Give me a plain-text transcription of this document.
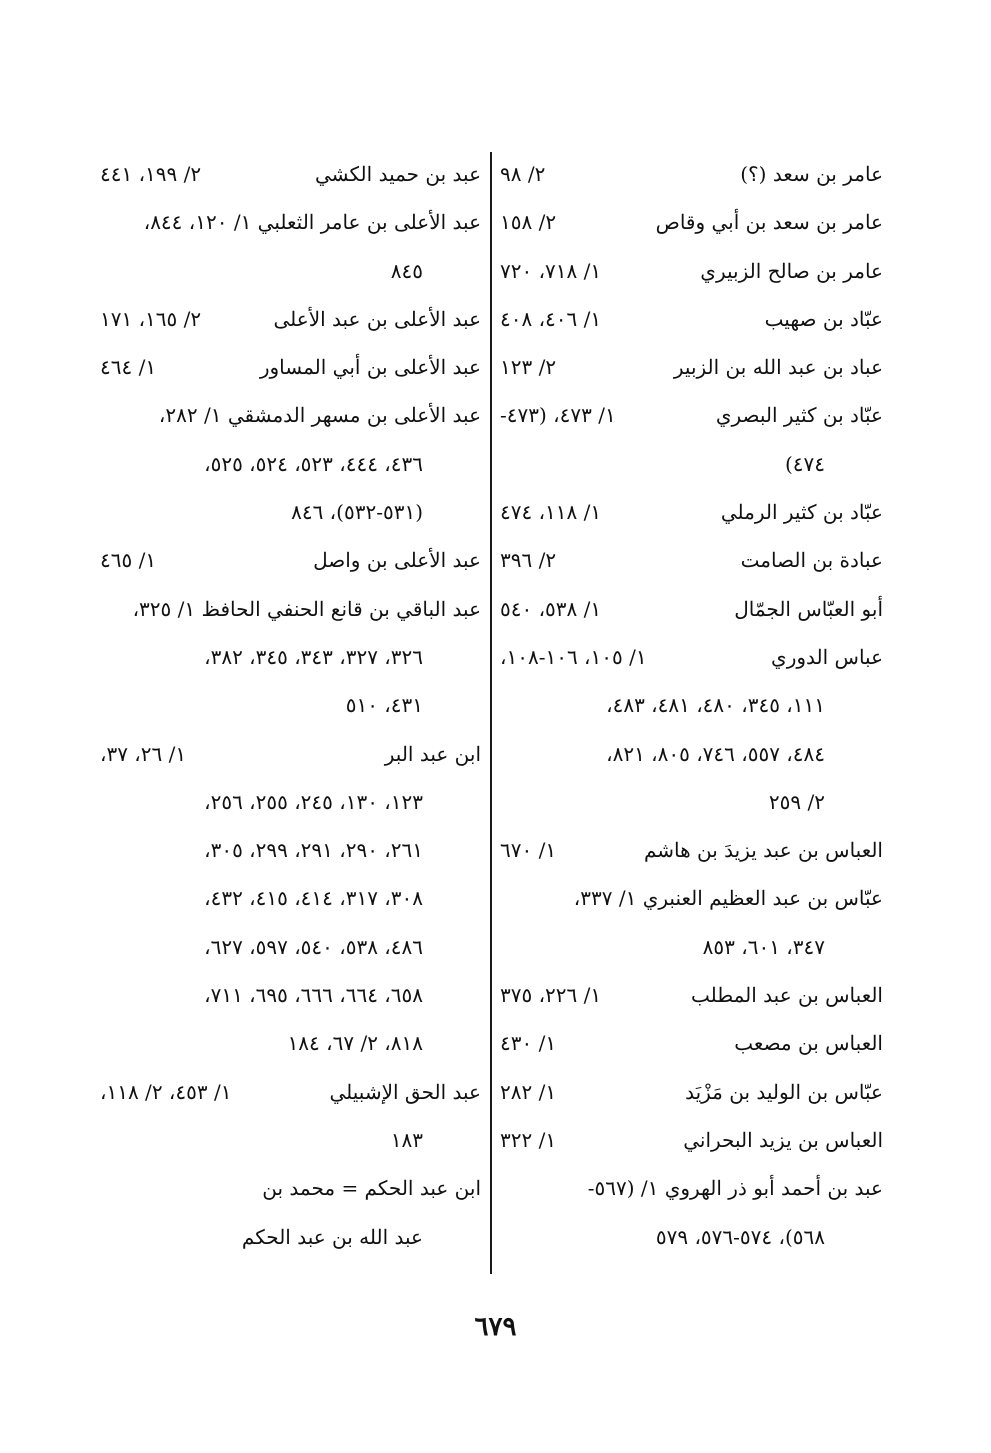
عامر بن سعد (؟)
٢/ ٩٨
عامر بن سعد بن أبي وقاص
٢/ ١٥٨
عامر بن صالح الزبيري
١/ ٧١٨، ٧٢٠
عبّاد بن صهيب
١/ ٤٠٦، ٤٠٨
عباد بن عبد الله بن الزبير
٢/ ١٢٣
عبّاد بن كثير البصري
١/ ٤٧٣، (٤٧٣-
٤٧٤)
عبّاد بن كثير الرملي
١/ ١١٨، ٤٧٤
عبادة بن الصامت
٢/ ٣٩٦
أبو العبّاس الجمّال
١/ ٥٣٨، ٥٤٠
عباس الدوري
١/ ١٠٥، ١٠٦-١٠٨،
١١١، ٣٤٥، ٤٨٠، ٤٨١، ٤٨٣،
٤٨٤، ٥٥٧، ٧٤٦، ٨٠٥، ٨٢١،
٢/ ٢٥٩
العباس بن عبد يزيدَ بن هاشم
١/ ٦٧٠
عبّاس بن عبد العظيم العنبري ١/ ٣٣٧،
٣٤٧، ٦٠١، ٨٥٣
العباس بن عبد المطلب
١/ ٢٢٦، ٣٧٥
العباس بن مصعب
١/ ٤٣٠
عبّاس بن الوليد بن مَزْيَد
١/ ٢٨٢
العباس بن يزيد البحراني
١/ ٣٢٢
عبد بن أحمد أبو ذر الهروي ١/ (٥٦٧-
٥٦٨)، ٥٧٤-٥٧٦، ٥٧٩
عبد بن حميد الكشي
٢/ ١٩٩، ٤٤١
عبد الأعلى بن عامر الثعلبي ١/ ١٢٠، ٨٤٤،
٨٤٥
عبد الأعلى بن عبد الأعلى
٢/ ١٦٥، ١٧١
عبد الأعلى بن أبي المساور
١/ ٤٦٤
عبد الأعلى بن مسهر الدمشقي ١/ ٢٨٢،
٤٣٦، ٤٤٤، ٥٢٣، ٥٢٤، ٥٢٥،
(٥٣١-٥٣٢)، ٨٤٦
عبد الأعلى بن واصل
١/ ٤٦٥
عبد الباقي بن قانع الحنفي الحافظ ١/ ٣٢٥،
٣٢٦، ٣٢٧، ٣٤٣، ٣٤٥، ٣٨٢،
٤٣١، ٥١٠
ابن عبد البر
١/ ٢٦، ٣٧،
١٢٣، ١٣٠، ٢٤٥، ٢٥٥، ٢٥٦،
٢٦١، ٢٩٠، ٢٩١، ٢٩٩، ٣٠٥،
٣٠٨، ٣١٧، ٤١٤، ٤١٥، ٤٣٢،
٤٨٦، ٥٣٨، ٥٤٠، ٥٩٧، ٦٢٧،
٦٥٨، ٦٦٤، ٦٦٦، ٦٩٥، ٧١١،
٨١٨، ٢/ ٦٧، ١٨٤
عبد الحق الإشبيلي
١/ ٤٥٣، ٢/ ١١٨،
١٨٣
ابن عبد الحكم = محمد بن
عبد الله بن عبد الحكم
٦٧٩
